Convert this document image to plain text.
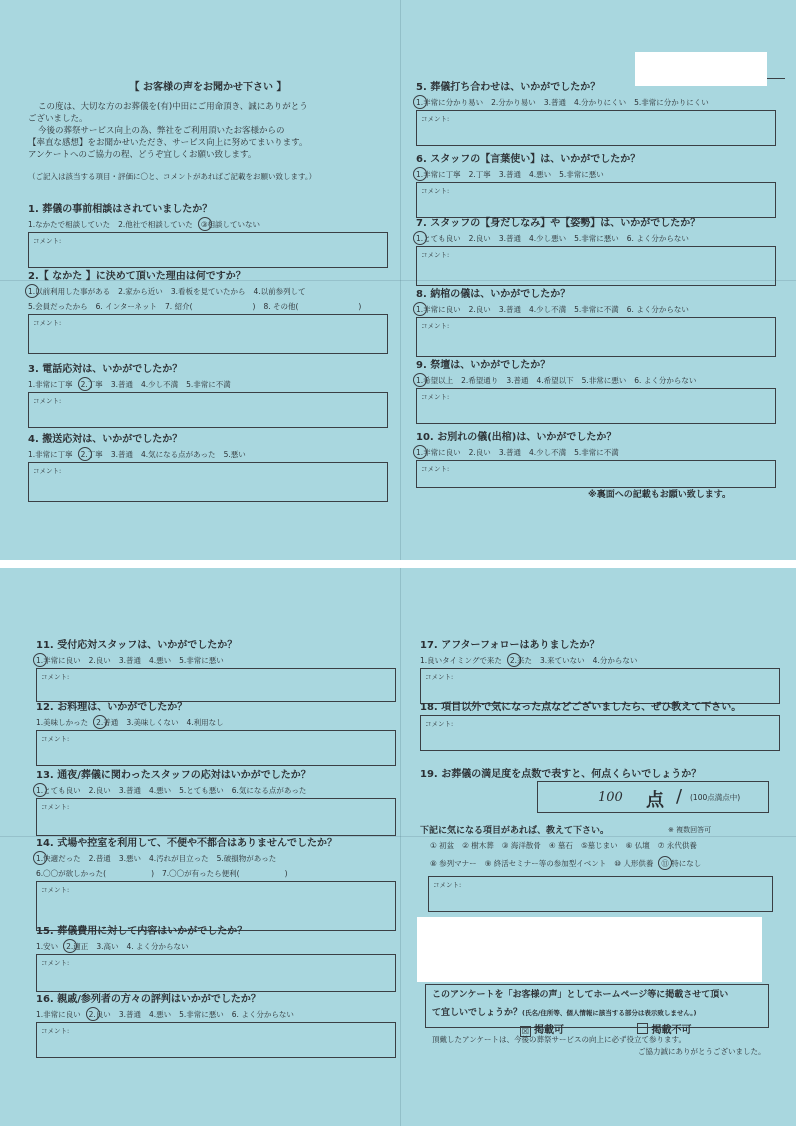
【 お客様の声をお聞かせ下さい 】
この度は、大切な方のお葬儀を(有)中田にご用命頂き、誠にありがとう
ございました。
今後の葬祭サービス向上の為、弊社をご利用頂いたお客様からの
【率直な感想】をお聞かせいただき、サービス向上に努めてまいります。
アンケートへのご協力の程、どうぞ宜しくお願い致します。
（ご記入は該当する項目・評価に〇と、コメントがあればご記載をお願い致します。）
1. 葬儀の事前相談はされていましたか？
1.なかたで相談していた 2.他社で相談していた ③相談していない
コメント:
2.【 なかた 】に決めて頂いた理由は何ですか？
1.以前利用した事がある 2.家から近い 3.看板を見ていたから 4.以前参列して
5.会員だったから 6. インターネット 7. 紹介(　　　　　　　　) 8. その他(　　　　　　　　)
コメント:
3. 電話応対は、いかがでしたか？
1.非常に丁寧 2.丁寧 3.普通 4.少し不満 5.非常に不満
コメント:
4. 搬送応対は、いかがでしたか？
1.非常に丁寧 2.丁寧 3.普通 4.気になる点があった 5.悪い
コメント:
5. 葬儀打ち合わせは、いかがでしたか？
1.非常に分かり易い 2.分かり易い 3.普通 4.分かりにくい 5.非常に分かりにくい
コメント:
6. スタッフの【言葉使い】は、いかがでしたか？
1.非常に丁寧 2.丁寧 3.普通 4.悪い 5.非常に悪い
コメント:
7. スタッフの【身だしなみ】や【姿勢】は、いかがでしたか？
1.とても良い 2.良い 3.普通 4.少し悪い 5.非常に悪い 6. よく分からない
コメント:
8. 納棺の儀は、いかがでしたか？
1.非常に良い 2.良い 3.普通 4.少し不満 5.非常に不満 6. よく分からない
コメント:
9. 祭壇は、いかがでしたか？
1.希望以上 2.希望通り 3.普通 4.希望以下 5.非常に悪い 6. よく分からない
コメント:
10. お別れの儀(出棺)は、いかがでしたか？
1.非常に良い 2.良い 3.普通 4.少し不満 5.非常に不満
コメント:
※裏面への記載もお願い致します。
11. 受付応対スタッフは、いかがでしたか？
1.非常に良い 2.良い 3.普通 4.悪い 5.非常に悪い
コメント:
12. お料理は、いかがでしたか？
1.美味しかった 2.普通 3.美味しくない 4.利用なし
コメント:
13. 通夜/葬儀に関わったスタッフの応対はいかがでしたか？
1.とても良い 2.良い 3.普通 4.悪い 5.とても悪い 6.気になる点があった
コメント:
14. 式場や控室を利用して、不便や不都合はありませんでしたか？
1.快適だった 2.普通 3.悪い 4.汚れが目立った 5.破損物があった
6.〇〇が欲しかった(　　　　　　) 7.〇〇が有ったら便利(　　　　　　)
コメント:
15. 葬儀費用に対して内容はいかがでしたか？
1.安い 2.適正 3.高い 4. よく分からない
コメント:
16. 親戚/参列者の方々の評判はいかがでしたか？
1.非常に良い 2.良い 3.普通 4.悪い 5.非常に悪い 6. よく分からない
コメント:
17. アフターフォローはありましたか？
1.良いタイミングで来た 2.来た 3.来ていない 4.分からない
コメント:
18. 項目以外で気になった点などございましたら、ぜひ教えて下さい。
コメント:
19. お葬儀の満足度を点数で表すと、何点くらいでしょうか？
100 点 / (100点満点中)
下記に気になる項目があれば、教えて下さい。	※ 複数回答可
① 初盆 ② 樹木葬 ③ 海洋散骨 ④ 墓石 ⑤墓じまい ⑥ 仏壇 ⑦ 永代供養
⑧ 参列マナー ⑨ 終活セミナー等の参加型イベント ⑩ 人形供養 ⑪ 特になし
コメント:
このアンケートを「お客様の声」としてホームページ等に掲載させて頂い
て宜しいでしょうか？(氏名/住所等、個人情報に該当する部分は表示致しません。)
☒ 掲載可	掲載不可
頂戴したアンケートは、今後の葬祭サービスの向上に必ず役立て参ります。
ご協力誠にありがとうございました。
